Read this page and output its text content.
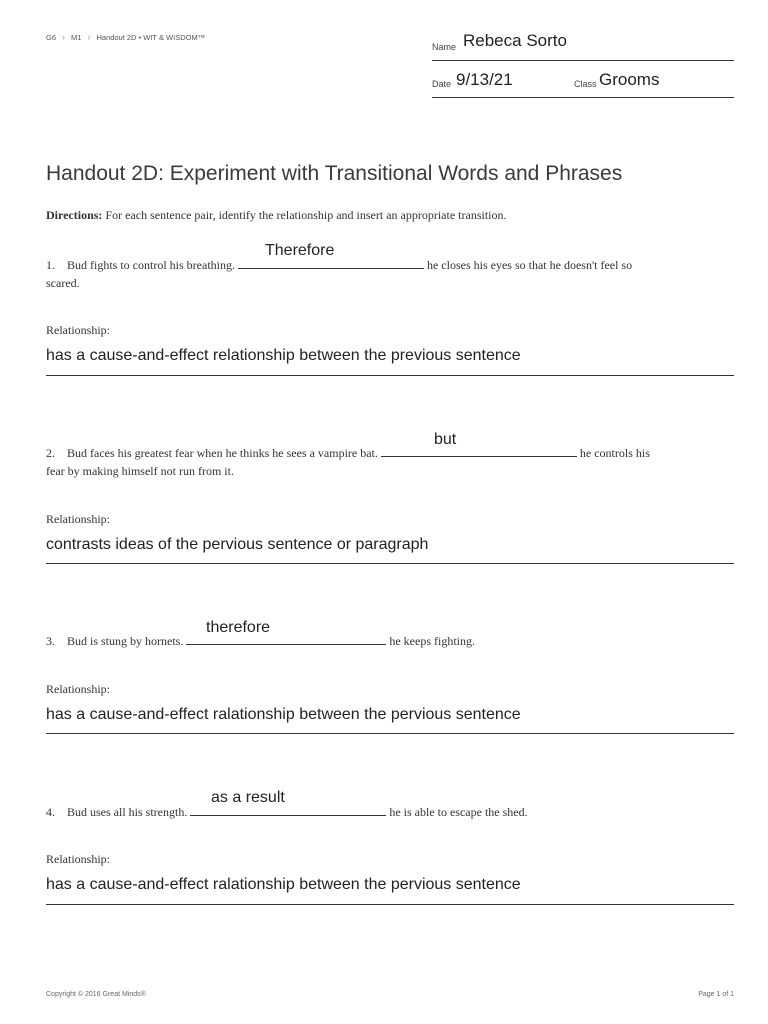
G6 › M1 › Handout 2D • WIT & WISDOM™
Name Rebeca Sorto
Date 9/13/21	Class Grooms
Handout 2D: Experiment with Transitional Words and Phrases
Directions: For each sentence pair, identify the relationship and insert an appropriate transition.
Therefore
1. Bud fights to control his breathing.	he closes his eyes so that he doesn't feel so
scared.
Relationship:
has a cause-and-effect relationship between the previous sentence
but
2. Bud faces his greatest fear when he thinks he sees a vampire bat.	he controls his
fear by making himself not run from it.
Relationship:
contrasts ideas of the pervious sentence or paragraph
therefore
3. Bud is stung by hornets.	he keeps fighting.
Relationship:
has a cause-and-effect ralationship between the pervious sentence
as a result
4. Bud uses all his strength.	he is able to escape the shed.
Relationship:
has a cause-and-effect ralationship between the pervious sentence
Copyright © 2016 Great Minds®	Page 1 of 1
